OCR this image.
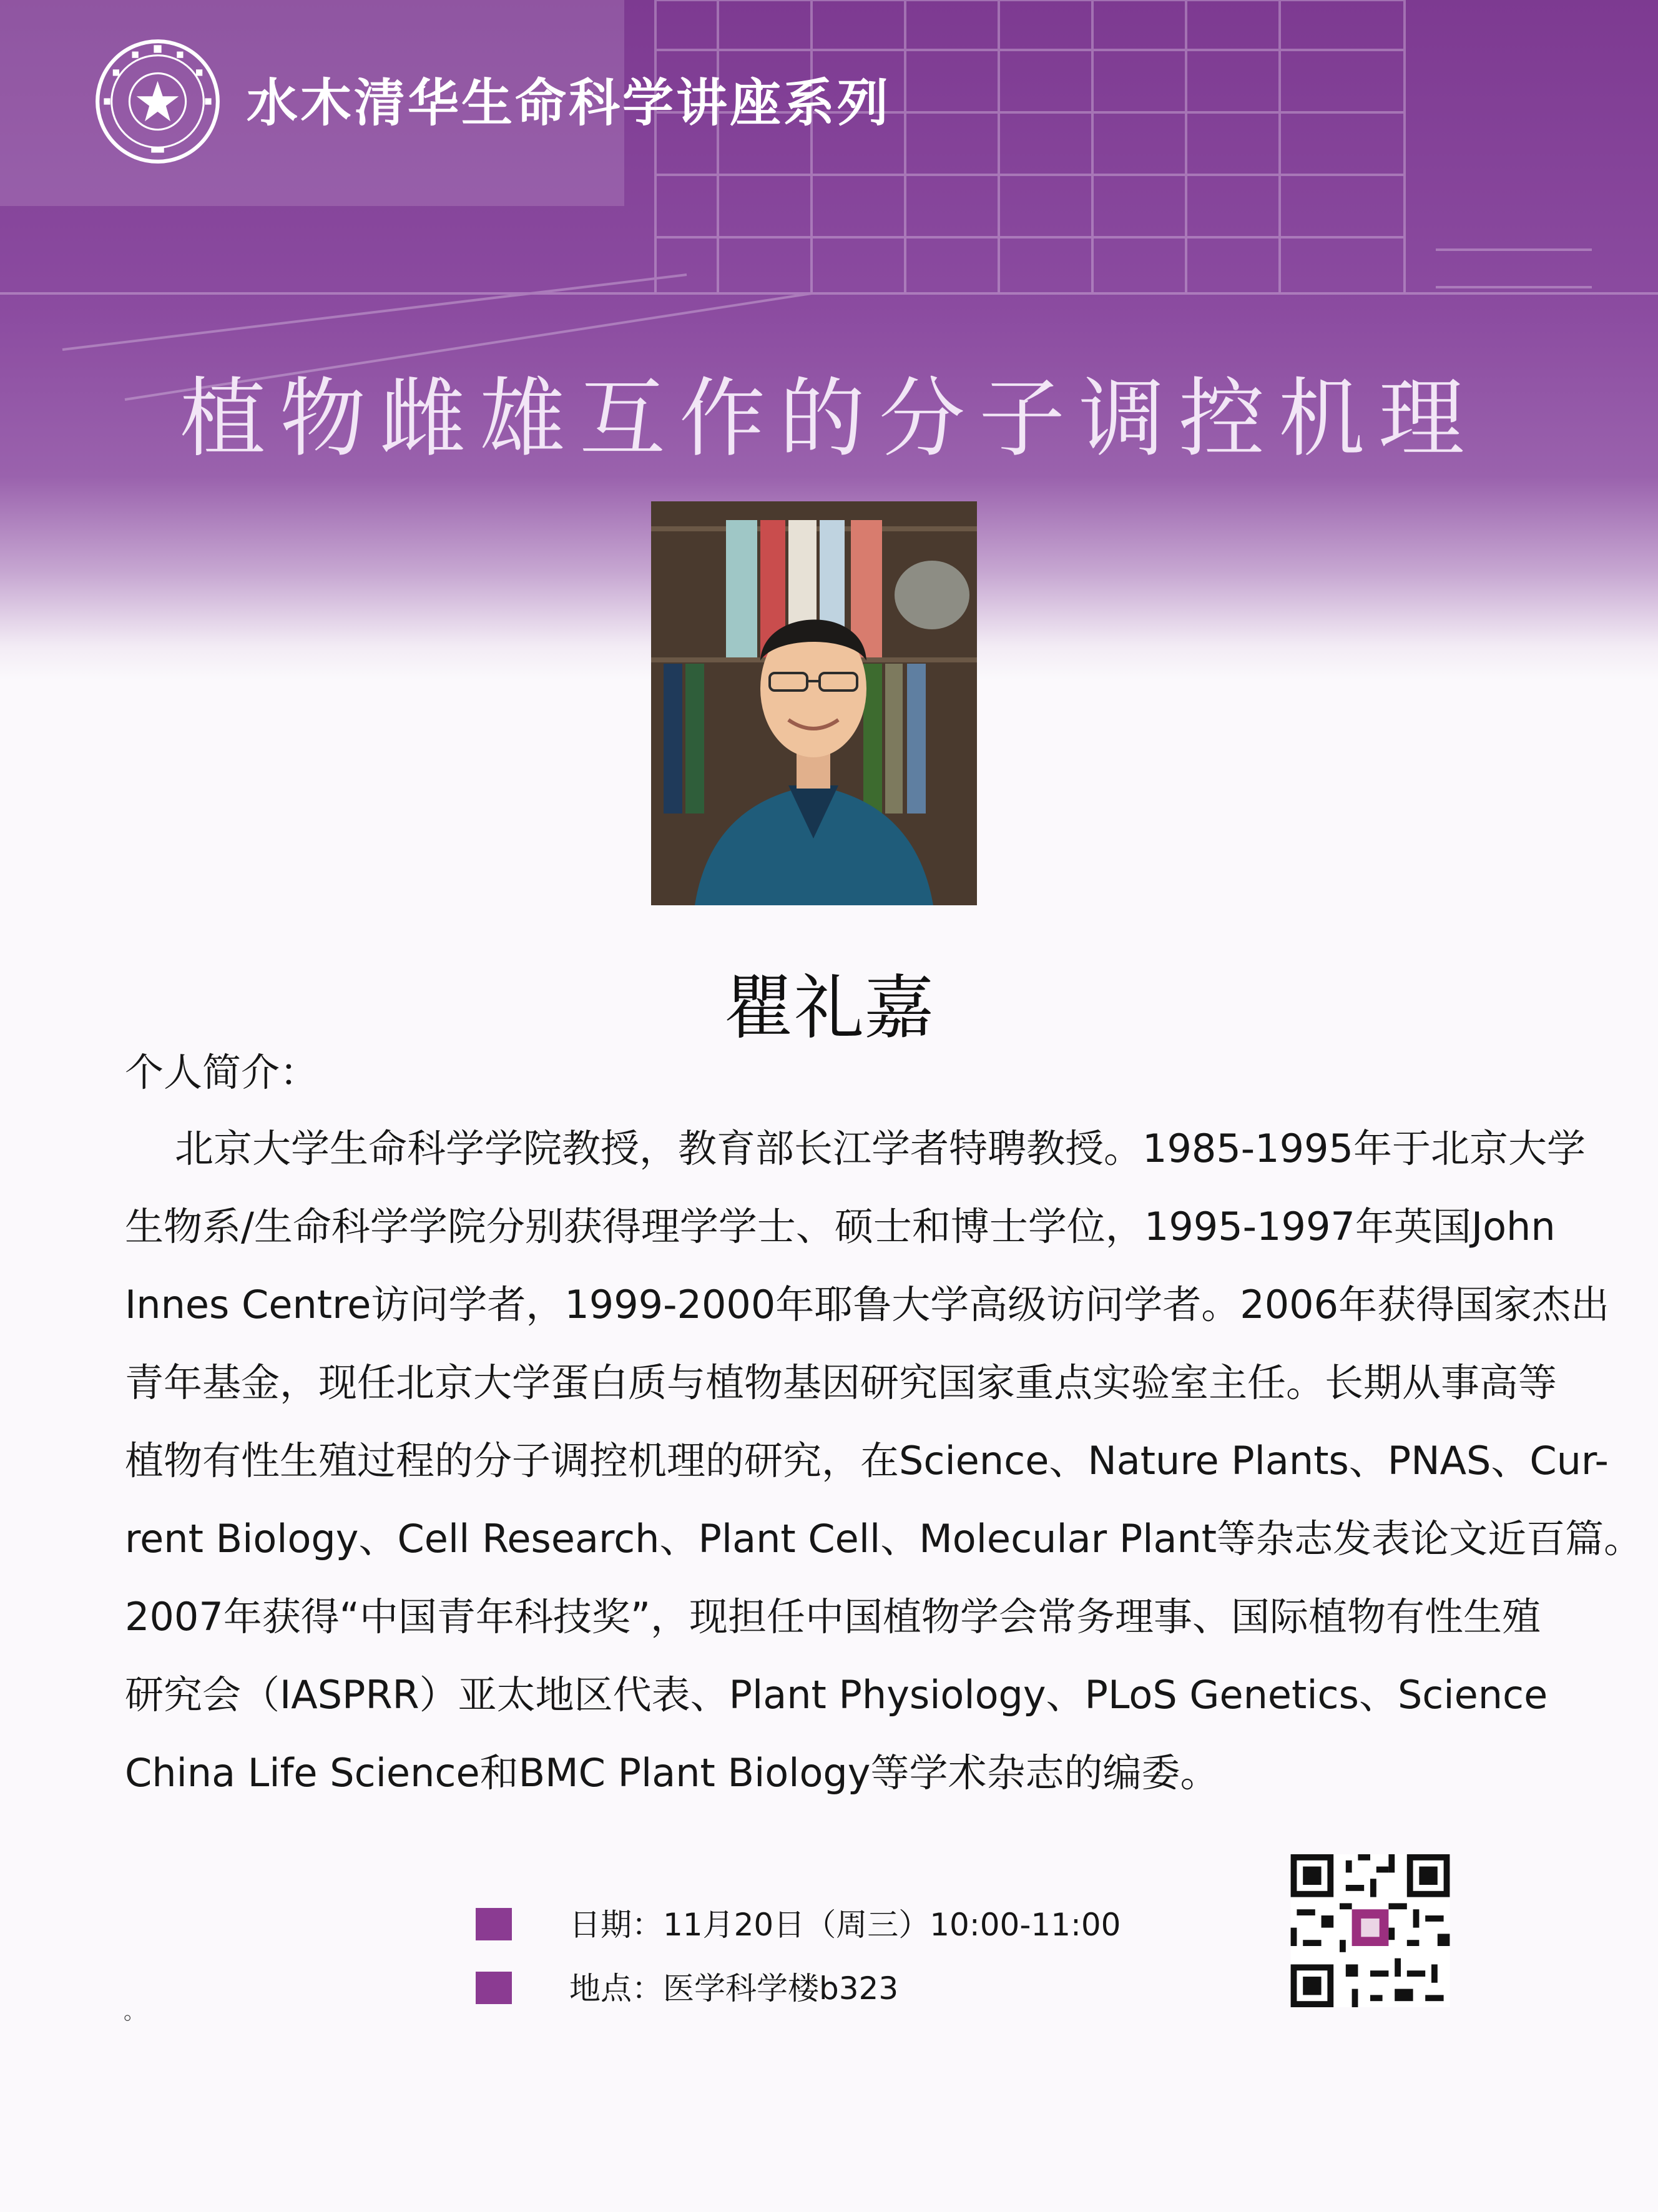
水木清华生命科学讲座系列
植物雌雄互作的分子调控机理
瞿礼嘉
个人简介：
北京大学生命科学学院教授，教育部长江学者特聘教授。1985-1995年于北京大学
生物系/生命科学学院分别获得理学学士、硕士和博士学位，1995-1997年英国John
Innes Centre访问学者，1999-2000年耶鲁大学高级访问学者。2006年获得国家杰出
青年基金，现任北京大学蛋白质与植物基因研究国家重点实验室主任。长期从事高等
植物有性生殖过程的分子调控机理的研究，在Science、Nature Plants、PNAS、Cur-
rent Biology、Cell Research、Plant Cell、Molecular Plant等杂志发表论文近百篇。
2007年获得“中国青年科技奖”，现担任中国植物学会常务理事、国际植物有性生殖
研究会（IASPRR）亚太地区代表、Plant Physiology、PLoS Genetics、Science
China Life Science和BMC Plant Biology等学术杂志的编委。
日期：11月20日（周三）10:00-11:00
地点：医学科学楼b323
。
